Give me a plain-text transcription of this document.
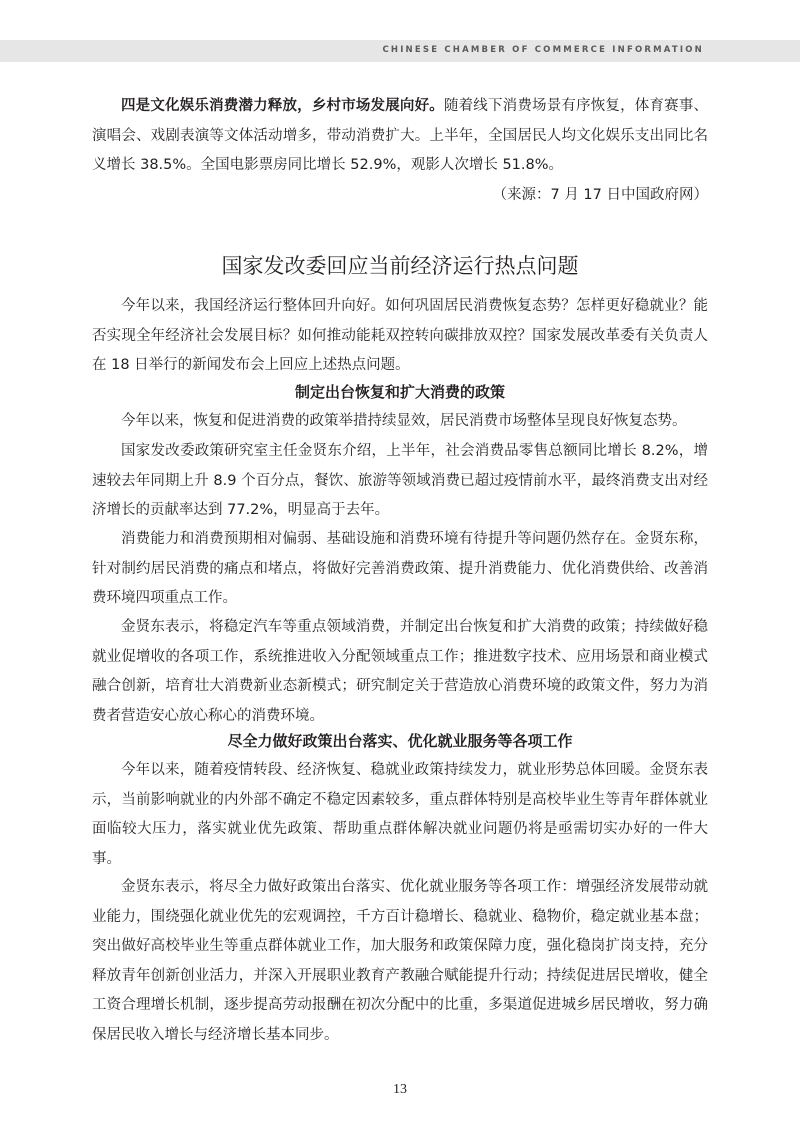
CHINESE CHAMBER OF COMMERCE INFORMATION

四是文化娱乐消费潜力释放，乡村市场发展向好。随着线下消费场景有序恢复，体育赛事、演唱会、戏剧表演等文体活动增多，带动消费扩大。上半年，全国居民人均文化娱乐支出同比名义增长 38.5%。全国电影票房同比增长 52.9%，观影人次增长 51.8%。

（来源：7 月 17 日中国政府网）
国家发改委回应当前经济运行热点问题

今年以来，我国经济运行整体回升向好。如何巩固居民消费恢复态势？怎样更好稳就业？能否实现全年经济社会发展目标？如何推动能耗双控转向碳排放双控？国家发展改革委有关负责人在 18 日举行的新闻发布会上回应上述热点问题。

制定出台恢复和扩大消费的政策

今年以来，恢复和促进消费的政策举措持续显效，居民消费市场整体呈现良好恢复态势。

国家发改委政策研究室主任金贤东介绍，上半年，社会消费品零售总额同比增长 8.2%，增速较去年同期上升 8.9 个百分点，餐饮、旅游等领域消费已超过疫情前水平，最终消费支出对经济增长的贡献率达到 77.2%，明显高于去年。

消费能力和消费预期相对偏弱、基础设施和消费环境有待提升等问题仍然存在。金贤东称，针对制约居民消费的痛点和堵点，将做好完善消费政策、提升消费能力、优化消费供给、改善消费环境四项重点工作。

金贤东表示，将稳定汽车等重点领域消费，并制定出台恢复和扩大消费的政策；持续做好稳就业促增收的各项工作，系统推进收入分配领域重点工作；推进数字技术、应用场景和商业模式融合创新，培育壮大消费新业态新模式；研究制定关于营造放心消费环境的政策文件，努力为消费者营造安心放心称心的消费环境。

尽全力做好政策出台落实、优化就业服务等各项工作

今年以来，随着疫情转段、经济恢复、稳就业政策持续发力，就业形势总体回暖。金贤东表示，当前影响就业的内外部不确定不稳定因素较多，重点群体特别是高校毕业生等青年群体就业面临较大压力，落实就业优先政策、帮助重点群体解决就业问题仍将是亟需切实办好的一件大事。

金贤东表示，将尽全力做好政策出台落实、优化就业服务等各项工作：增强经济发展带动就业能力，围绕强化就业优先的宏观调控，千方百计稳增长、稳就业、稳物价，稳定就业基本盘；突出做好高校毕业生等重点群体就业工作，加大服务和政策保障力度，强化稳岗扩岗支持，充分释放青年创新创业活力，并深入开展职业教育产教融合赋能提升行动；持续促进居民增收，健全工资合理增长机制，逐步提高劳动报酬在初次分配中的比重，多渠道促进城乡居民增收，努力确保居民收入增长与经济增长基本同步。

13
